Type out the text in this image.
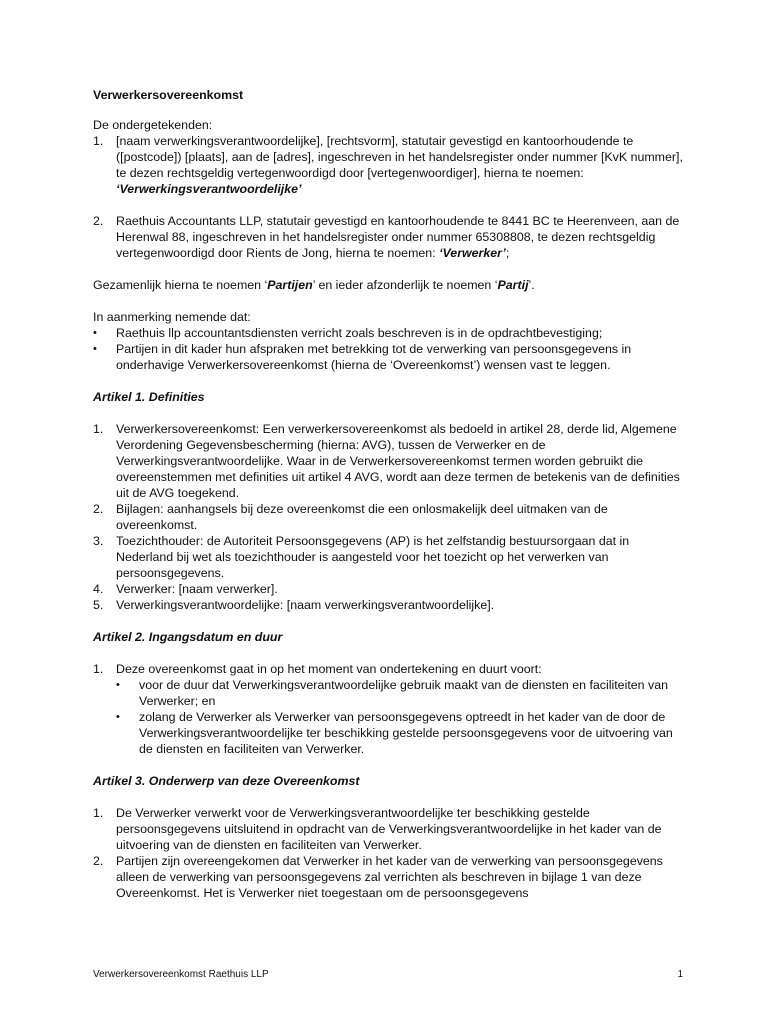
Verwerkersovereenkomst

De ondergetekenden:

1.	[naam verwerkingsverantwoordelijke], [rechtsvorm], statutair gevestigd en kantoorhoudende te ([postcode]) [plaats], aan de [adres], ingeschreven in het handelsregister onder nummer [KvK nummer], te dezen rechtsgeldig vertegenwoordigd door [vertegenwoordiger], hierna te noemen: ‘Verwerkingsverantwoordelijke’
2.	Raethuis Accountants LLP, statutair gevestigd en kantoorhoudende te 8441 BC te Heerenveen, aan de Herenwal 88, ingeschreven in het handelsregister onder nummer 65308808, te dezen rechtsgeldig vertegenwoordigd door Rients de Jong, hierna te noemen: ‘Verwerker’;

Gezamenlijk hierna te noemen ‘Partijen’ en ieder afzonderlijk te noemen ‘Partij’.

In aanmerking nemende dat:

•	Raethuis llp accountantsdiensten verricht zoals beschreven is in de opdrachtbevestiging;
•	Partijen in dit kader hun afspraken met betrekking tot de verwerking van persoonsgegevens in onderhavige Verwerkersovereenkomst (hierna de ‘Overeenkomst’) wensen vast te leggen.

Artikel 1. Definities

1.	Verwerkersovereenkomst: Een verwerkersovereenkomst als bedoeld in artikel 28, derde lid, Algemene Verordening Gegevensbescherming (hierna: AVG), tussen de Verwerker en de Verwerkingsverantwoordelijke. Waar in de Verwerkersovereenkomst termen worden gebruikt die overeenstemmen met definities uit artikel 4 AVG, wordt aan deze termen de betekenis van de definities uit de AVG toegekend.
2.	Bijlagen: aanhangsels bij deze overeenkomst die een onlosmakelijk deel uitmaken van de overeenkomst.
3.	Toezichthouder: de Autoriteit Persoonsgegevens (AP) is het zelfstandig bestuursorgaan dat in Nederland bij wet als toezichthouder is aangesteld voor het toezicht op het verwerken van persoonsgegevens.
4.	Verwerker: [naam verwerker].
5.	Verwerkingsverantwoordelijke: [naam verwerkingsverantwoordelijke].

Artikel 2. Ingangsdatum en duur

1.	Deze overeenkomst gaat in op het moment van ondertekening en duurt voort:
•	voor de duur dat Verwerkingsverantwoordelijke gebruik maakt van de diensten en faciliteiten van Verwerker; en
•	zolang de Verwerker als Verwerker van persoonsgegevens optreedt in het kader van de door de Verwerkingsverantwoordelijke ter beschikking gestelde persoonsgegevens voor de uitvoering van de diensten en faciliteiten van Verwerker.

Artikel 3. Onderwerp van deze Overeenkomst

1.	De Verwerker verwerkt voor de Verwerkingsverantwoordelijke ter beschikking gestelde persoonsgegevens uitsluitend in opdracht van de Verwerkingsverantwoordelijke in het kader van de uitvoering van de diensten en faciliteiten van Verwerker.
2.	Partijen zijn overeengekomen dat Verwerker in het kader van de verwerking van persoonsgegevens alleen de verwerking van persoonsgegevens zal verrichten als beschreven in bijlage 1 van deze Overeenkomst. Het is Verwerker niet toegestaan om de persoonsgegevens
Verwerkersovereenkomst Raethuis LLP	1
